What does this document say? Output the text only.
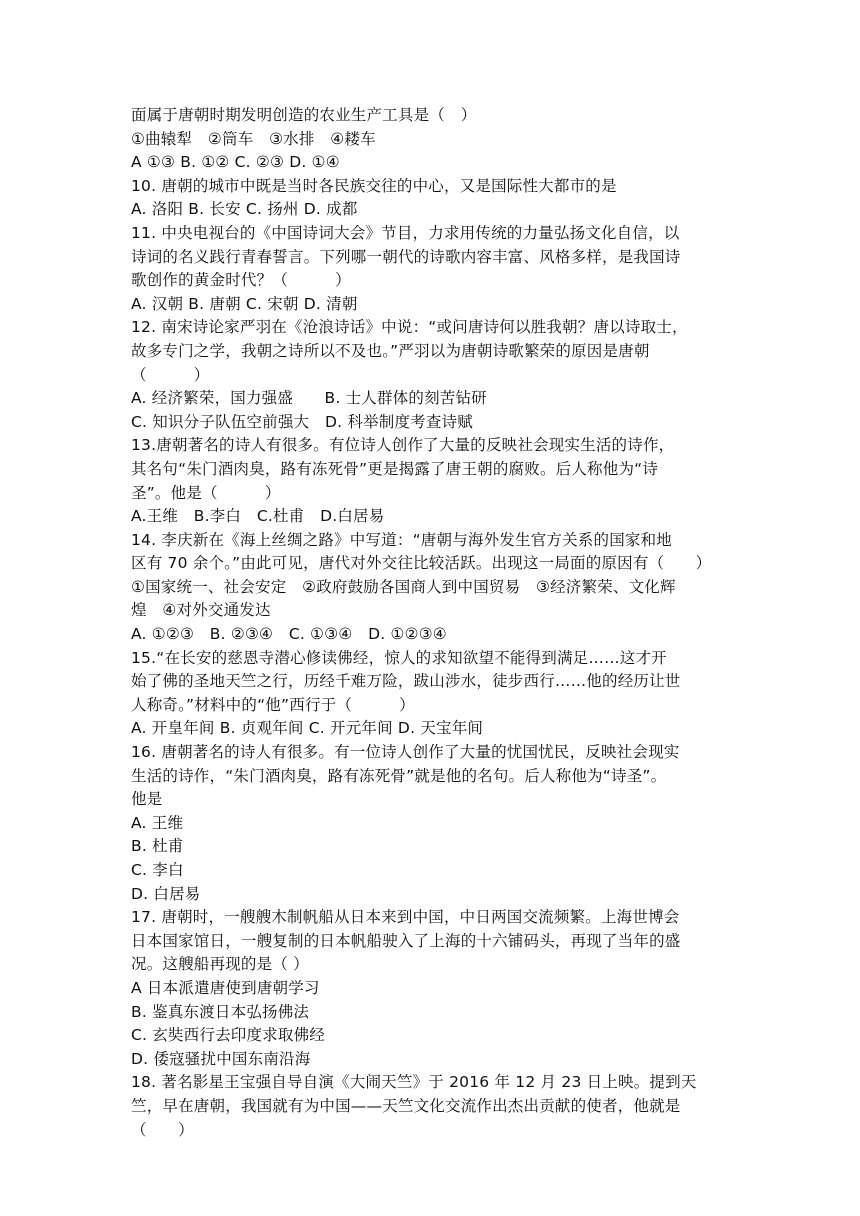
面属于唐朝时期发明创造的农业生产工具是（　）
①曲辕犁　②筒车　③水排　④耧车
A ①③ B. ①② C. ②③ D. ①④
10. 唐朝的城市中既是当时各民族交往的中心，又是国际性大都市的是
A. 洛阳 B. 长安 C. 扬州 D. 成都
11. 中央电视台的《中国诗词大会》节目，力求用传统的力量弘扬文化自信，以
诗词的名义践行青春誓言。下列哪一朝代的诗歌内容丰富、风格多样，是我国诗
歌创作的黄金时代？（　　　）
A. 汉朝 B. 唐朝 C. 宋朝 D. 清朝
12. 南宋诗论家严羽在《沧浪诗话》中说：“或问唐诗何以胜我朝？唐以诗取士，
故多专门之学，我朝之诗所以不及也。”严羽以为唐朝诗歌繁荣的原因是唐朝
（　　　）
A. 经济繁荣，国力强盛　　B. 士人群体的刻苦钻研
C. 知识分子队伍空前强大　D. 科举制度考查诗赋
13.唐朝著名的诗人有很多。有位诗人创作了大量的反映社会现实生活的诗作，
其名句“朱门酒肉臭，路有冻死骨”更是揭露了唐王朝的腐败。后人称他为“诗
圣”。他是（　　　）
A.王维　B.李白　C.杜甫　D.白居易
14. 李庆新在《海上丝绸之路》中写道：“唐朝与海外发生官方关系的国家和地
区有 70 余个。”由此可见，唐代对外交往比较活跃。出现这一局面的原因有（　　）
①国家统一、社会安定　②政府鼓励各国商人到中国贸易　③经济繁荣、文化辉
煌　④对外交通发达
A. ①②③　B. ②③④　C. ①③④　D. ①②③④
15.“在长安的慈恩寺潜心修读佛经，惊人的求知欲望不能得到满足……这才开
始了佛的圣地天竺之行，历经千难万险，跋山涉水，徒步西行……他的经历让世
人称奇。”材料中的“他”西行于（　　　）
A. 开皇年间 B. 贞观年间 C. 开元年间 D. 天宝年间
16. 唐朝著名的诗人有很多。有一位诗人创作了大量的忧国忧民，反映社会现实
生活的诗作，“朱门酒肉臭，路有冻死骨”就是他的名句。后人称他为“诗圣”。
他是
A. 王维
B. 杜甫
C. 李白
D. 白居易
17. 唐朝时，一艘艘木制帆船从日本来到中国，中日两国交流频繁。上海世博会
日本国家馆日，一艘复制的日本帆船驶入了上海的十六铺码头，再现了当年的盛
况。这艘船再现的是（ ）
A 日本派遣唐使到唐朝学习
B. 鉴真东渡日本弘扬佛法
C. 玄奘西行去印度求取佛经
D. 倭寇骚扰中国东南沿海
18. 著名影星王宝强自导自演《大闹天竺》于 2016 年 12 月 23 日上映。提到天
竺，早在唐朝，我国就有为中国——天竺文化交流作出杰出贡献的使者，他就是
（　　）
